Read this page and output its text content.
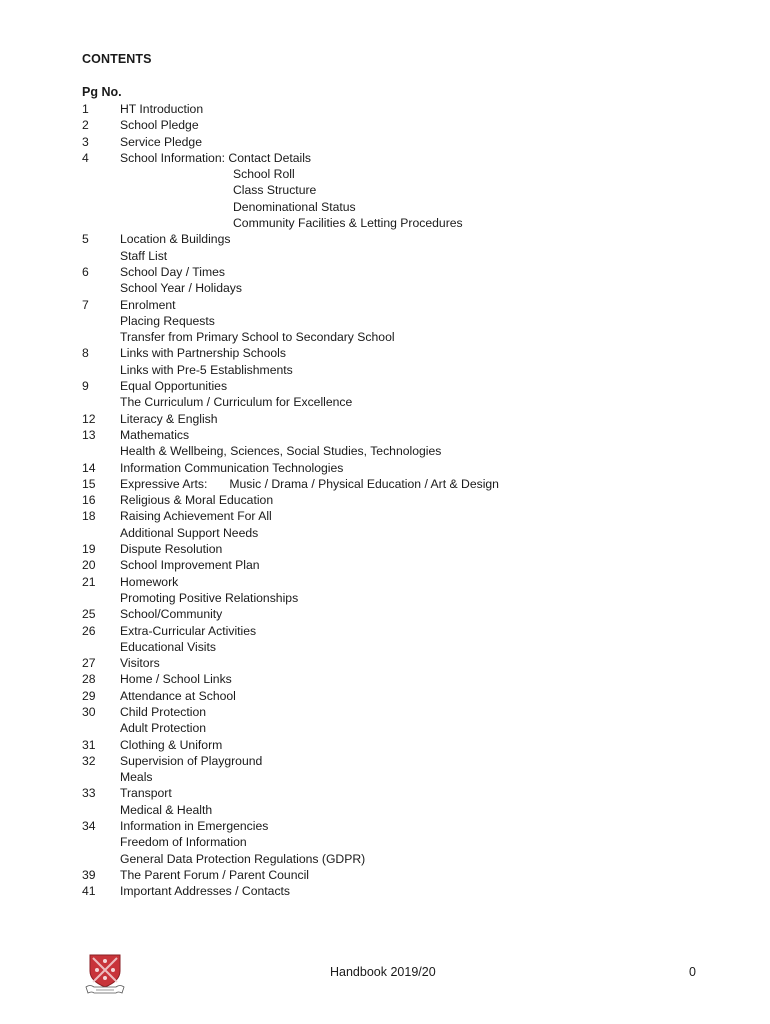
CONTENTS
Pg No.
1	HT Introduction
2	School Pledge
3	Service Pledge
4	School Information: Contact Details
School Roll
Class Structure
Denominational Status
Community Facilities & Letting Procedures
5	Location & Buildings
Staff List
6	School Day / Times
School Year / Holidays
7	Enrolment
Placing Requests
Transfer from Primary School to Secondary School
8	Links with Partnership Schools
Links with Pre-5 Establishments
9	Equal Opportunities
The Curriculum / Curriculum for Excellence
12	Literacy & English
13	Mathematics
Health & Wellbeing, Sciences, Social Studies, Technologies
14	Information Communication Technologies
15	Expressive Arts: Music / Drama / Physical Education / Art & Design
16	Religious & Moral Education
18	Raising Achievement For All
Additional Support Needs
19	Dispute Resolution
20	School Improvement Plan
21	Homework
Promoting Positive Relationships
25	School/Community
26	Extra-Curricular Activities
Educational Visits
27	Visitors
28	Home / School Links
29	Attendance at School
30	Child Protection
Adult Protection
31	Clothing & Uniform
32	Supervision of Playground
Meals
33	Transport
Medical & Health
34	Information in Emergencies
Freedom of Information
General Data Protection Regulations (GDPR)
39	The Parent Forum / Parent Council
41	Important Addresses / Contacts
Handbook 2019/20	0
